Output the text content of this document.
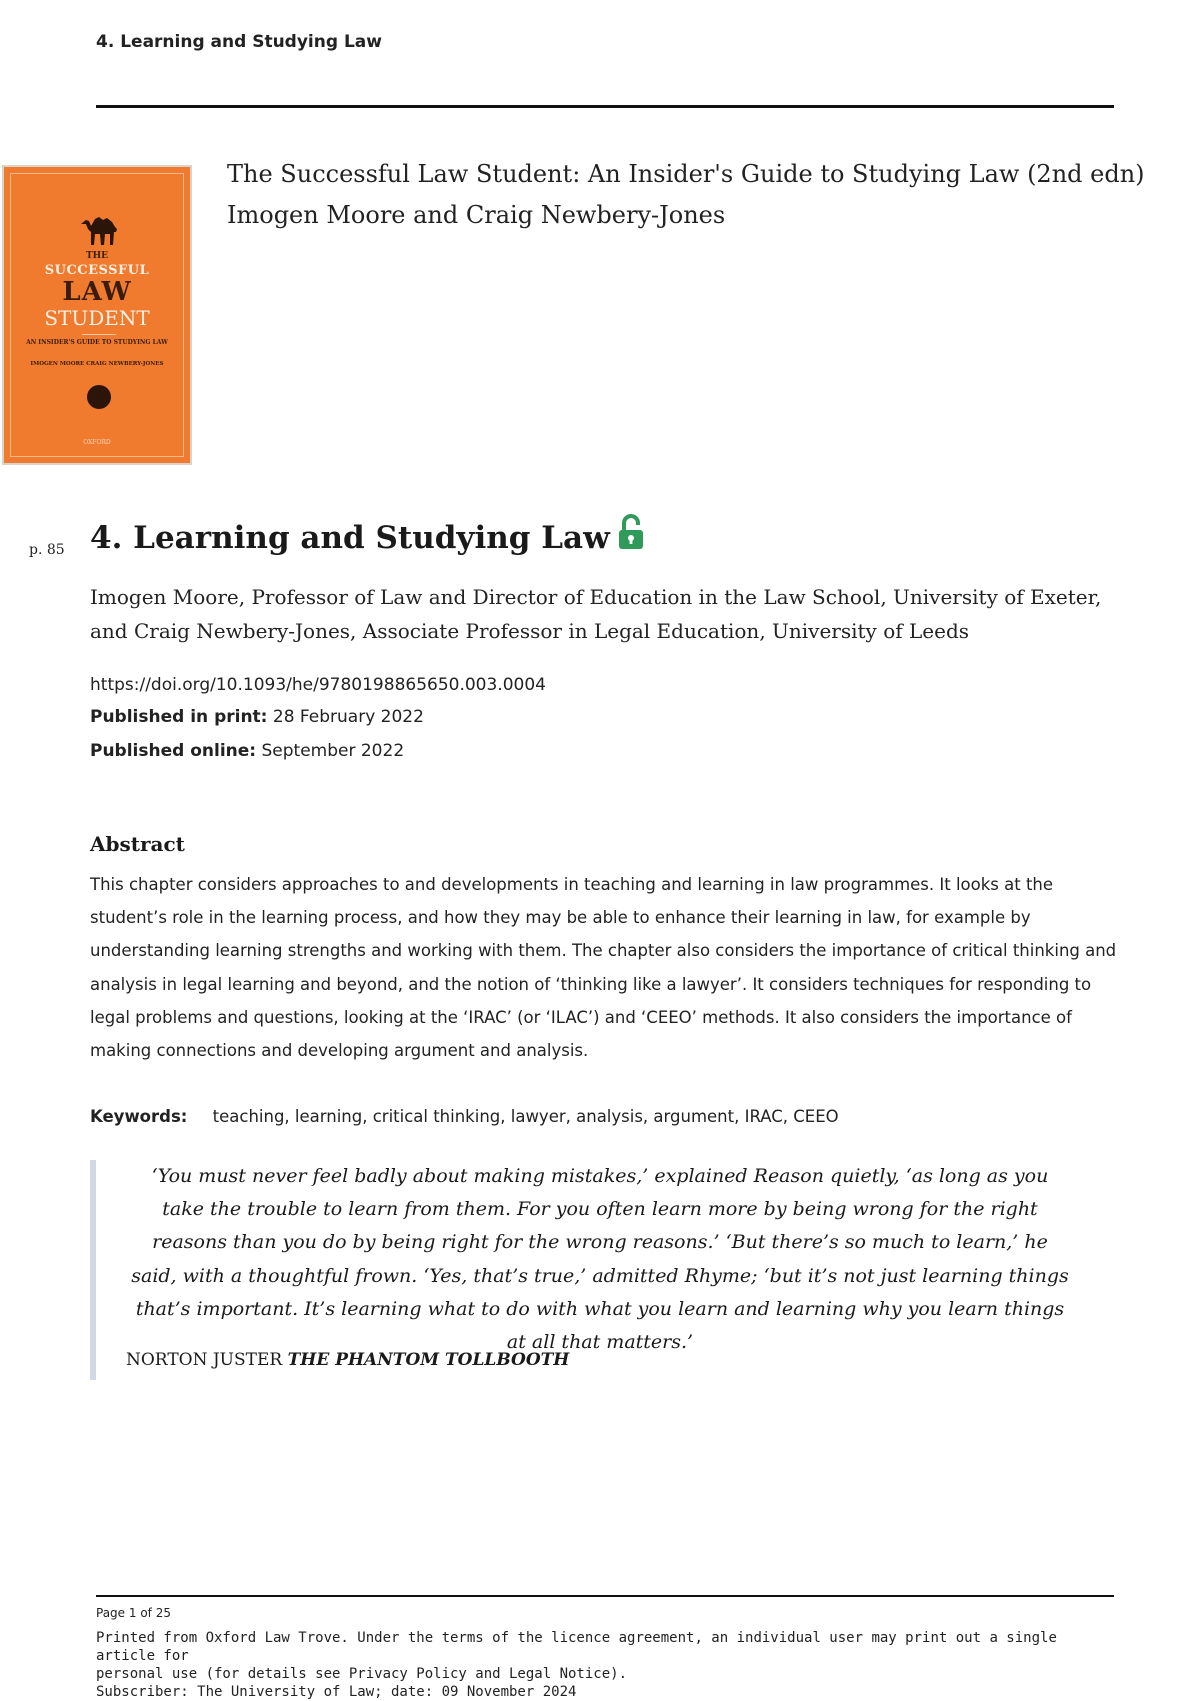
4. Learning and Studying Law
THE
SUCCESSFUL
LAW
STUDENT
AN INSIDER'S GUIDE TO STUDYING LAW
IMOGEN MOORE CRAIG NEWBERY-JONES
OXFORD
The Successful Law Student: An Insider's Guide to Studying Law (2nd edn)
Imogen Moore and Craig Newbery-Jones
p. 85 4. Learning and Studying Law
Imogen Moore, Professor of Law and Director of Education in the Law School, University of Exeter, and Craig Newbery-Jones, Associate Professor in Legal Education, University of Leeds
https://doi.org/10.1093/he/9780198865650.003.0004
Published in print: 28 February 2022
Published online: September 2022
Abstract

This chapter considers approaches to and developments in teaching and learning in law programmes. It looks at the student’s role in the learning process, and how they may be able to enhance their learning in law, for example by understanding learning strengths and working with them. The chapter also considers the importance of critical thinking and analysis in legal learning and beyond, and the notion of ‘thinking like a lawyer’. It considers techniques for responding to legal problems and questions, looking at the ‘IRAC’ (or ‘ILAC’) and ‘CEEO’ methods. It also considers the importance of making connections and developing argument and analysis.

Keywords: teaching, learning, critical thinking, lawyer, analysis, argument, IRAC, CEEO

‘You must never feel badly about making mistakes,’ explained Reason quietly, ‘as long as you take the trouble to learn from them. For you often learn more by being wrong for the right reasons than you do by being right for the wrong reasons.’ ‘But there’s so much to learn,’ he said, with a thoughtful frown. ‘Yes, that’s true,’ admitted Rhyme; ‘but it’s not just learning things that’s important. It’s learning what to do with what you learn and learning why you learn things at all that matters.’

NORTON JUSTER THE PHANTOM TOLLBOOTH
Page 1 of 25
Printed from Oxford Law Trove. Under the terms of the licence agreement, an individual user may print out a single article for
personal use (for details see Privacy Policy and Legal Notice).
Subscriber: The University of Law; date: 09 November 2024
